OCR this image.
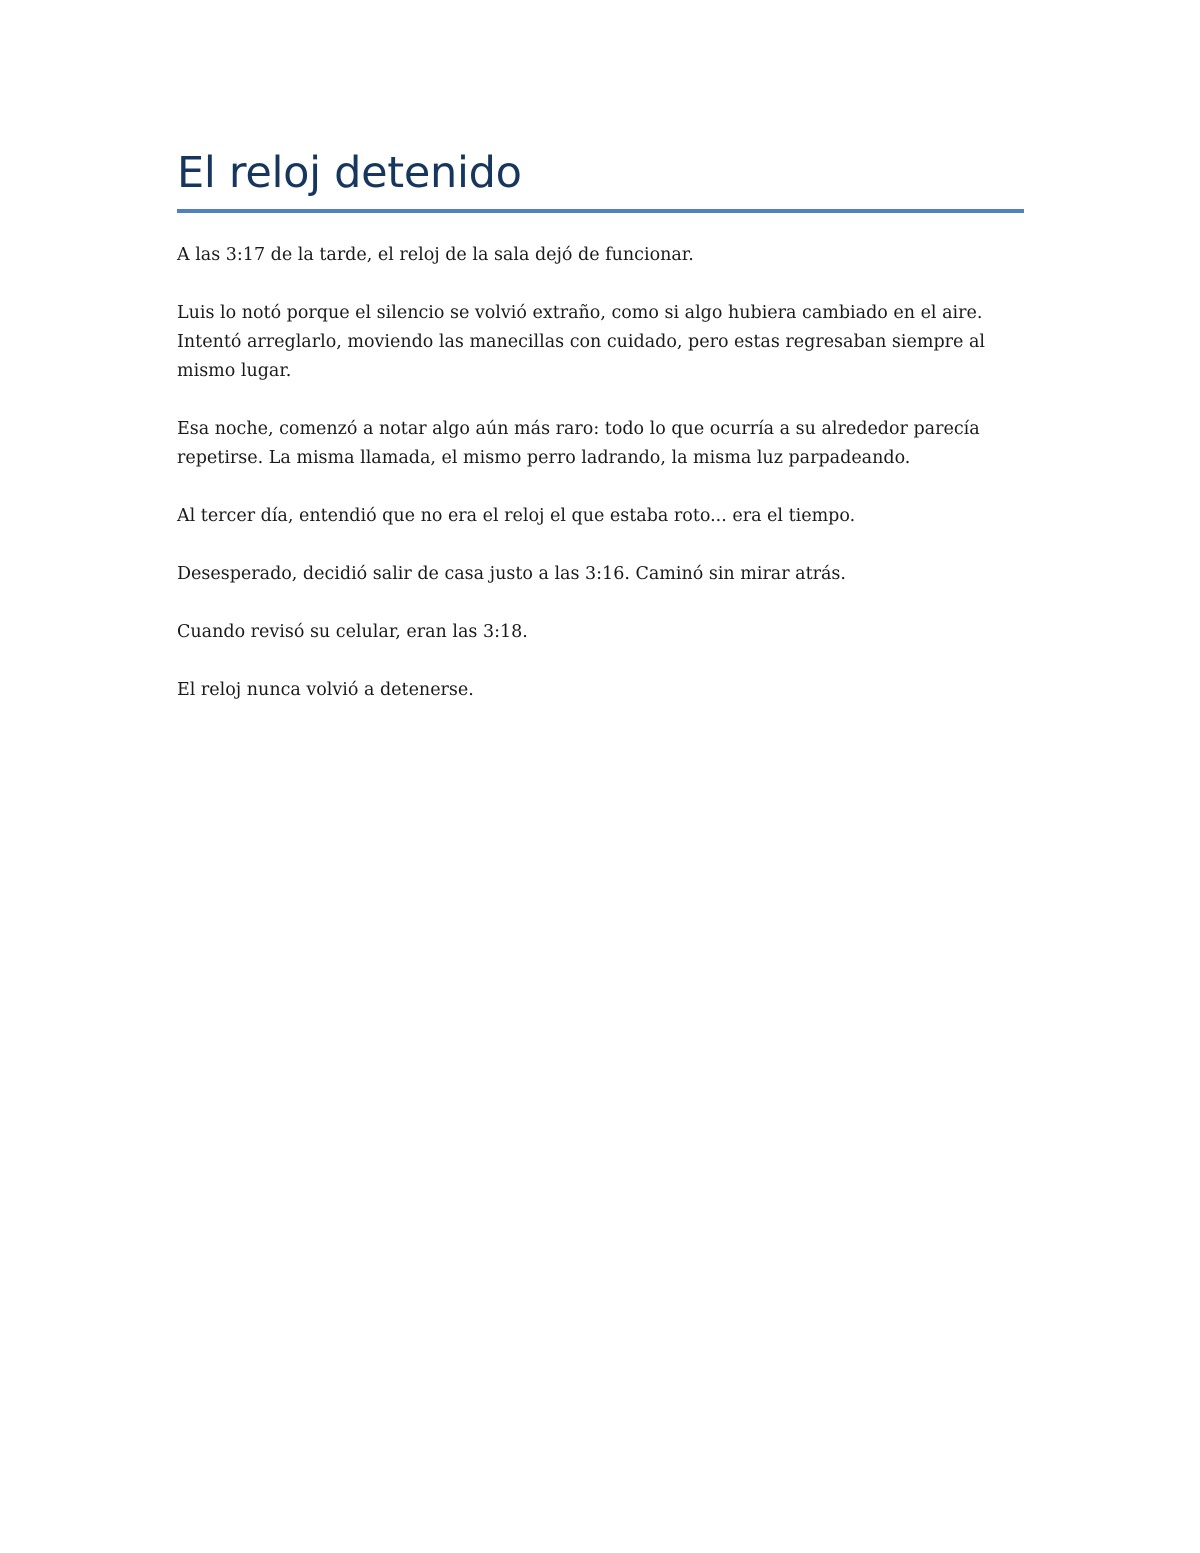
El reloj detenido

A las 3:17 de la tarde, el reloj de la sala dejó de funcionar.

Luis lo notó porque el silencio se volvió extraño, como si algo hubiera cambiado en el aire. Intentó arreglarlo, moviendo las manecillas con cuidado, pero estas regresaban siempre al mismo lugar.

Esa noche, comenzó a notar algo aún más raro: todo lo que ocurría a su alrededor parecía repetirse. La misma llamada, el mismo perro ladrando, la misma luz parpadeando.

Al tercer día, entendió que no era el reloj el que estaba roto... era el tiempo.

Desesperado, decidió salir de casa justo a las 3:16. Caminó sin mirar atrás.

Cuando revisó su celular, eran las 3:18.

El reloj nunca volvió a detenerse.
